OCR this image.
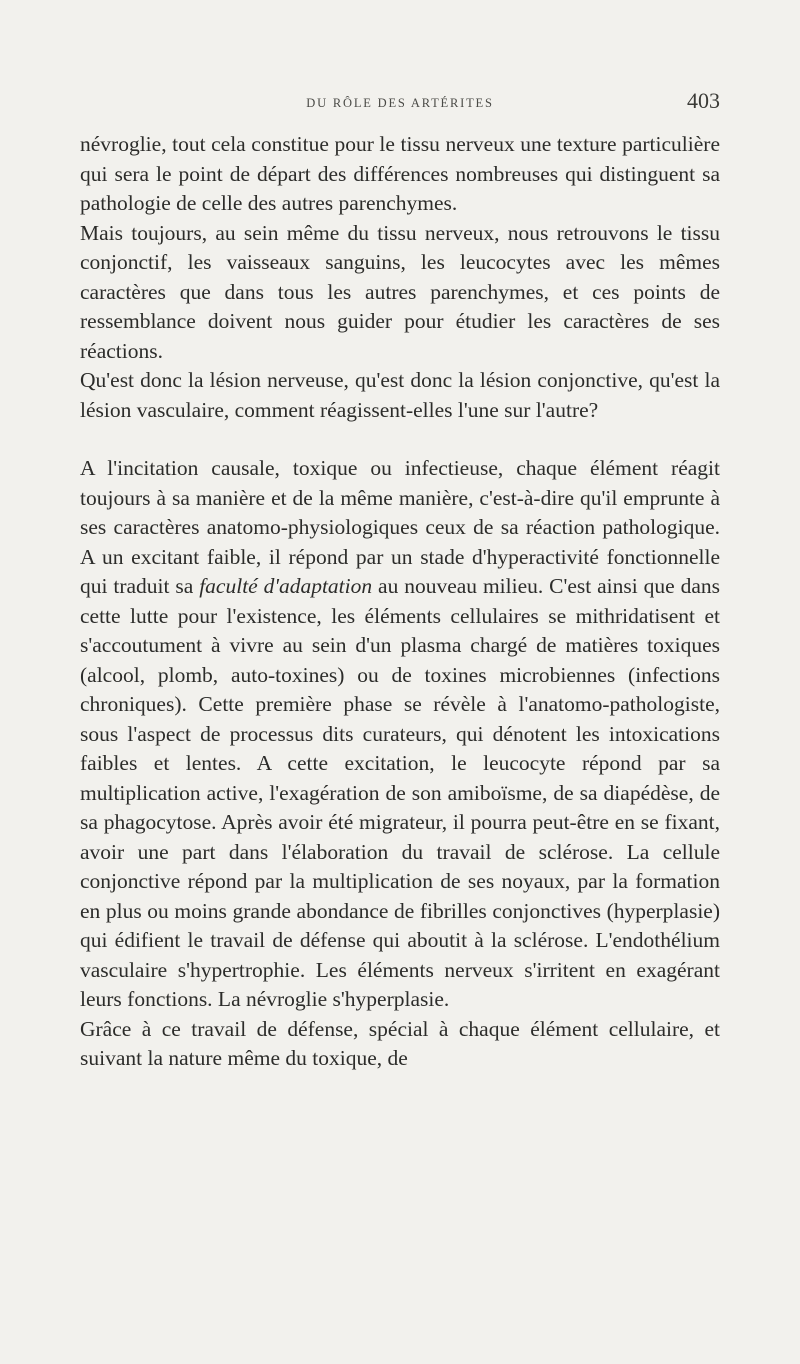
DU RÔLE DES ARTÉRITES	403

névroglie, tout cela constitue pour le tissu nerveux une texture particulière qui sera le point de départ des différences nombreuses qui distinguent sa pathologie de celle des autres parenchymes.

Mais toujours, au sein même du tissu nerveux, nous retrouvons le tissu conjonctif, les vaisseaux sanguins, les leucocytes avec les mêmes caractères que dans tous les autres parenchymes, et ces points de ressemblance doivent nous guider pour étudier les caractères de ses réactions.

Qu'est donc la lésion nerveuse, qu'est donc la lésion conjonctive, qu'est la lésion vasculaire, comment réagissent-elles l'une sur l'autre?

A l'incitation causale, toxique ou infectieuse, chaque élément réagit toujours à sa manière et de la même manière, c'est-à-dire qu'il emprunte à ses caractères anatomo-physiologiques ceux de sa réaction pathologique. A un excitant faible, il répond par un stade d'hyperactivité fonctionnelle qui traduit sa faculté d'adaptation au nouveau milieu. C'est ainsi que dans cette lutte pour l'existence, les éléments cellulaires se mithridatisent et s'accoutument à vivre au sein d'un plasma chargé de matières toxiques (alcool, plomb, auto-toxines) ou de toxines microbiennes (infections chroniques). Cette première phase se révèle à l'anatomo-pathologiste, sous l'aspect de processus dits curateurs, qui dénotent les intoxications faibles et lentes. A cette excitation, le leucocyte répond par sa multiplication active, l'exagération de son amiboïsme, de sa diapédèse, de sa phagocytose. Après avoir été migrateur, il pourra peut-être en se fixant, avoir une part dans l'élaboration du travail de sclérose. La cellule conjonctive répond par la multiplication de ses noyaux, par la formation en plus ou moins grande abondance de fibrilles conjonctives (hyperplasie) qui édifient le travail de défense qui aboutit à la sclérose. L'endothélium vasculaire s'hypertrophie. Les éléments nerveux s'irritent en exagérant leurs fonctions. La névroglie s'hyperplasie.

Grâce à ce travail de défense, spécial à chaque élément cellulaire, et suivant la nature même du toxique, de
